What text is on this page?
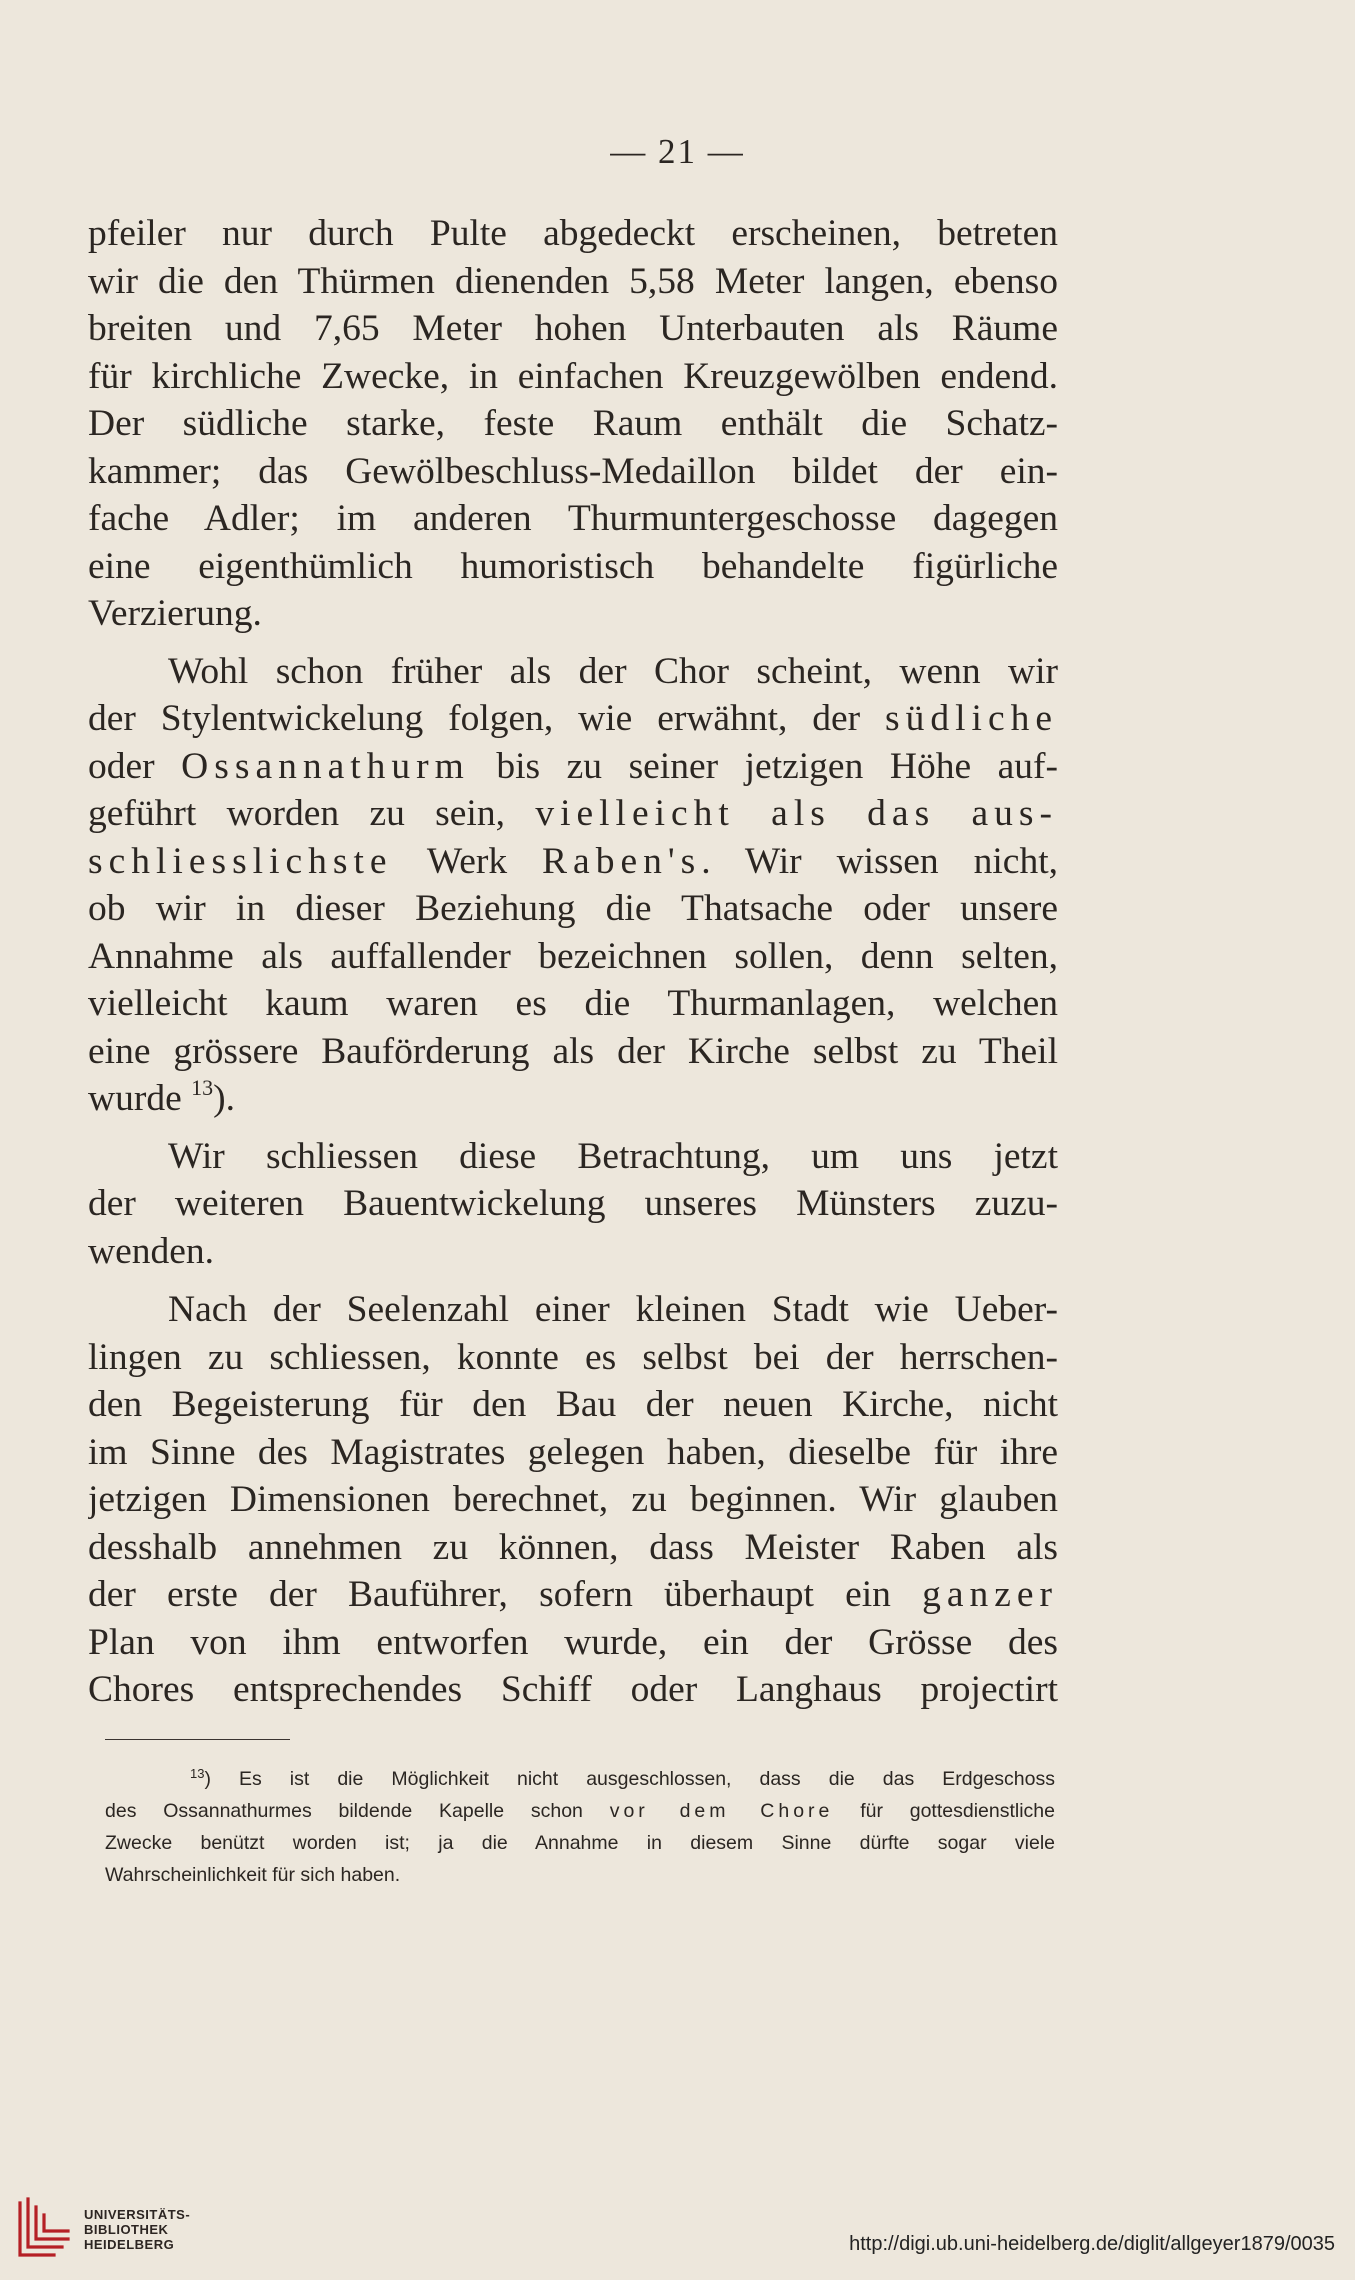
— 21 —
pfeiler nur durch Pulte abgedeckt erscheinen, betreten
wir die den Thürmen dienenden 5,58 Meter langen, ebenso
breiten und 7,65 Meter hohen Unterbauten als Räume
für kirchliche Zwecke, in einfachen Kreuzgewölben endend.
Der südliche starke, feste Raum enthält die Schatz-
kammer; das Gewölbeschluss-Medaillon bildet der ein-
fache Adler; im anderen Thurmuntergeschosse dagegen
eine eigenthümlich humoristisch behandelte figürliche
Verzierung.
Wohl schon früher als der Chor scheint, wenn wir
der Stylentwickelung folgen, wie erwähnt, der südliche
oder Ossannathurm bis zu seiner jetzigen Höhe auf-
geführt worden zu sein, vielleicht als das aus-
schliesslichste Werk Raben's. Wir wissen nicht,
ob wir in dieser Beziehung die Thatsache oder unsere
Annahme als auffallender bezeichnen sollen, denn selten,
vielleicht kaum waren es die Thurmanlagen, welchen
eine grössere Bauförderung als der Kirche selbst zu Theil
wurde $^{13}$).
Wir schliessen diese Betrachtung, um uns jetzt
der weiteren Bauentwickelung unseres Münsters zuzu-
wenden.
Nach der Seelenzahl einer kleinen Stadt wie Ueber-
lingen zu schliessen, konnte es selbst bei der herrschen-
den Begeisterung für den Bau der neuen Kirche, nicht
im Sinne des Magistrates gelegen haben, dieselbe für ihre
jetzigen Dimensionen berechnet, zu beginnen. Wir glauben
desshalb annehmen zu können, dass Meister Raben als
der erste der Bauführer, sofern überhaupt ein ganzer
Plan von ihm entworfen wurde, ein der Grösse des
Chores entsprechendes Schiff oder Langhaus projectirt
$^{13}$) Es ist die Möglichkeit nicht ausgeschlossen, dass die das Erdgeschoss
des Ossannathurmes bildende Kapelle schon vor dem Chore für gottesdienstliche
Zwecke benützt worden ist; ja die Annahme in diesem Sinne dürfte sogar viele
Wahrscheinlichkeit für sich haben.
UNIVERSITÄTS-
BIBLIOTHEK
HEIDELBERG	http://digi.ub.uni-heidelberg.de/diglit/allgeyer1879/0035
